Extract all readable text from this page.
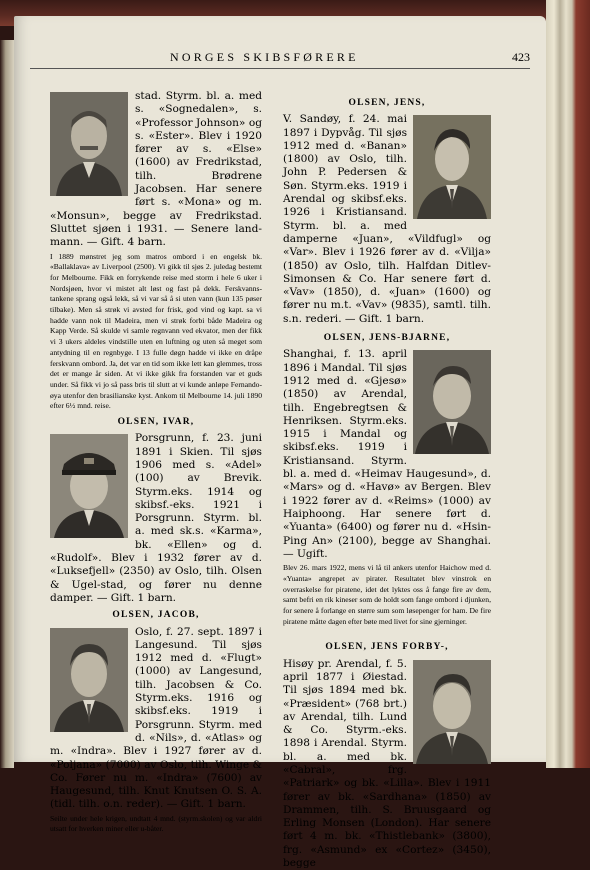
NORGES SKIBSFØRERE	423
stad. Styrm. bl. a. med s. «Sognedalen», s. «Professor Johnson» og s. «Ester». Blev i 1920 fører av s. «Else» (1600) av Fredrikstad, tilh. Brødrene Jacobsen. Har senere ført s. «Mona» og m. «Monsun», begge av Fredrikstad. Sluttet sjøen i 1931. — Senere land-mann. — Gift. 4 barn.

I 1889 mønstret jeg som matros ombord i en engelsk bk. «Ballaklava» av Liverpool (2500). Vi gikk til sjøs 2. juledag bestemt for Melbourne. Fikk en forrykende reise med storm i hele 6 uker i Nordsjøen, hvor vi mistet alt løst og fast på dekk. Ferskvanns-tankene sprang også lekk, så vi var så å si uten vann (kun 135 pøser tilbake). Men så strøk vi avsted for frisk, god vind og kapt. sa vi hadde vann nok til Madeira, men vi strøk forbi både Madeira og Kapp Verde. Så skulde vi samle regnvann ved ekvator, men der fikk vi 3 ukers aldeles vindstille uten en luftning og uten så meget som antydning til en regnbyge. I 13 fulle døgn hadde vi ikke en dråpe ferskvann ombord. Ja, det var en tid som ikke lett kan glemmes, tross det er mange år siden. At vi ikke gikk fra forstanden var et guds under. Så fikk vi jo så pass bris til slutt at vi kunde anløpe Fernando-øya utenfor den brasilianske kyst. Ankom til Melbourne 14. juli 1890 efter 6½ mnd. reise.

OLSEN, IVAR,

Porsgrunn, f. 23. juni 1891 i Skien. Til sjøs 1906 med s. «Adel» (100) av Brevik. Styrm.eks. 1914 og skibsf.-eks. 1921 i Porsgrunn. Styrm. bl. a. med sk.s. «Karma», bk. «Ellen» og d. «Rudolf». Blev i 1932 fører av d. «Luksefjell» (2350) av Oslo, tilh. Olsen & Ugel-stad, og fører nu denne damper. — Gift. 1 barn.

OLSEN, JACOB,

Oslo, f. 27. sept. 1897 i Langesund. Til sjøs 1912 med d. «Flugt» (1000) av Langesund, tilh. Jacobsen & Co. Styrm.eks. 1916 og skibsf.eks. 1919 i Porsgrunn. Styrm. med d. «Nils», d. «Atlas» og m. «Indra». Blev i 1927 fører av d. «Poljana» (7000) av Oslo, tilh. Winge & Co. Fører nu m. «Indra» (7600) av Haugesund, tilh. Knut Knutsen O. S. A. (tidl. tilh. o.n. reder). — Gift. 1 barn.

Seilte under hele krigen, undtatt 4 mnd. (styrm.skolen) og var aldri utsatt for hverken miner eller u-båter.

OLSEN, JENS,

V. Sandøy, f. 24. mai 1897 i Dypvåg. Til sjøs 1912 med d. «Banan» (1800) av Oslo, tilh. John P. Pedersen & Søn. Styrm.eks. 1919 i Arendal og skibsf.eks. 1926 i Kristiansand. Styrm. bl. a. med damperne «Juan», «Vildfugl» og «Var». Blev i 1926 fører av d. «Vilja» (1850) av Oslo, tilh. Halfdan Ditlev-Simonsen & Co. Har senere ført d. «Vav» (1850), d. «Juan» (1600) og fører nu m.t. «Vav» (9835), samtl. tilh. s.n. rederi. — Gift. 1 barn.

OLSEN, JENS-BJARNE,

Shanghai, f. 13. april 1896 i Mandal. Til sjøs 1912 med d. «Gjesø» (1850) av Arendal, tilh. Engebregtsen & Henriksen. Styrm.eks. 1915 i Mandal og skibsf.eks. 1919 i Kristiansand. Styrm. bl. a. med d. «Heimav Haugesund», d. «Mars» og d. «Havø» av Bergen. Blev i 1922 fører av d. «Reims» (1000) av Haiphoong. Har senere ført d. «Yuanta» (6400) og fører nu d. «Hsin-Ping An» (2100), begge av Shanghai. — Ugift.

Blev 26. mars 1922, mens vi lå til ankers utenfor Haichow med d. «Yuanta» angrepet av pirater. Resultatet blev vinstrok en overraskelse for piratene, idet det lyktes oss å fange fire av dem, samt befri en rik kineser som de holdt som fange ombord i djunken, for senere å forlange en større sum som løsepenger for ham. De fire piratene måtte dagen efter bøte med livet for sine gjerninger.

OLSEN, JENS FORBY-,

Hisøy pr. Arendal, f. 5. april 1877 i Øiestad. Til sjøs 1894 med bk. «Præsident» (768 brt.) av Arendal, tilh. Lund & Co. Styrm.-eks. 1898 i Arendal. Styrm. bl. a. med bk. «Cabral», frg. «Patriark» og bk. «Lilla». Blev i 1911 fører av bk. «Sardhana» (1850) av Drammen, tilh. S. Bruusgaard og Erling Monsen (London). Har senere ført 4 m. bk. «Thistlebank» (3800), frg. «Asmund» ex «Cortez» (3450), begge
